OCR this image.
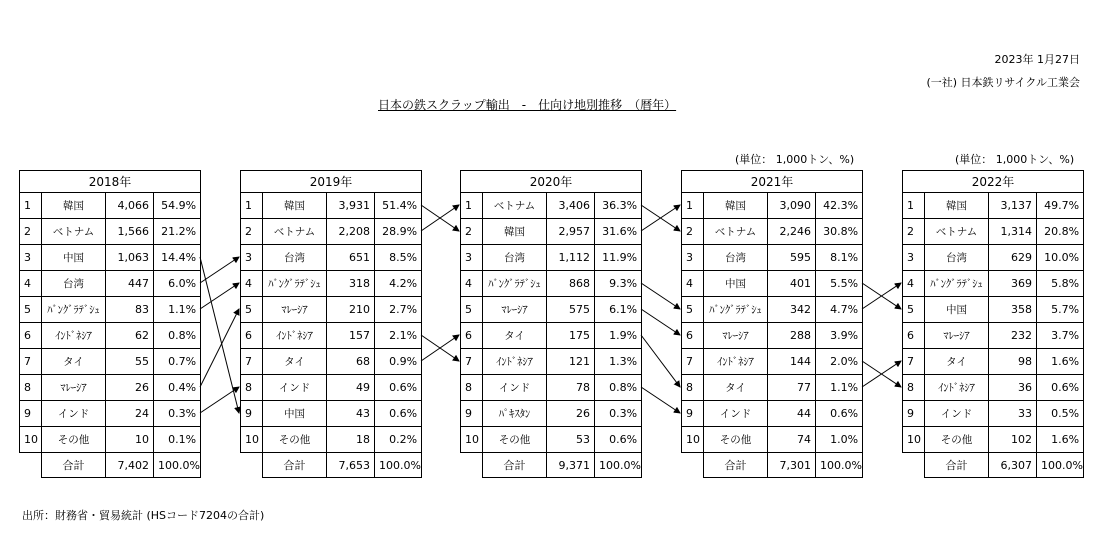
2023年 1月27日
(一社) 日本鉄リサイクル工業会
日本の鉄スクラップ輸出　-　仕向け地別推移　（暦年）
(単位： 1,000トン、%)	(単位： 1,000トン、%)
2018年			
1	韓国	4,066	54.9%
2	ベトナム	1,566	21.2%
3	中国	1,063	14.4%
4	台湾	447	6.0%
5	ﾊﾞﾝｸﾞﾗﾃﾞｼｭ	83	1.1%
6	ｲﾝﾄﾞﾈｼｱ	62	0.8%
7	タイ	55	0.7%
8	ﾏﾚｰｼｱ	26	0.4%
9	インド	24	0.3%
10	その他	10	0.1%
	合計	7,402	100.0%
2019年			
1	韓国	3,931	51.4%
2	ベトナム	2,208	28.9%
3	台湾	651	8.5%
4	ﾊﾞﾝｸﾞﾗﾃﾞｼｭ	318	4.2%
5	ﾏﾚｰｼｱ	210	2.7%
6	ｲﾝﾄﾞﾈｼｱ	157	2.1%
7	タイ	68	0.9%
8	インド	49	0.6%
9	中国	43	0.6%
10	その他	18	0.2%
	合計	7,653	100.0%
2020年			
1	ベトナム	3,406	36.3%
2	韓国	2,957	31.6%
3	台湾	1,112	11.9%
4	ﾊﾞﾝｸﾞﾗﾃﾞｼｭ	868	9.3%
5	ﾏﾚｰｼｱ	575	6.1%
6	タイ	175	1.9%
7	ｲﾝﾄﾞﾈｼｱ	121	1.3%
8	インド	78	0.8%
9	ﾊﾟｷｽﾀﾝ	26	0.3%
10	その他	53	0.6%
	合計	9,371	100.0%
2021年			
1	韓国	3,090	42.3%
2	ベトナム	2,246	30.8%
3	台湾	595	8.1%
4	中国	401	5.5%
5	ﾊﾞﾝｸﾞﾗﾃﾞｼｭ	342	4.7%
6	ﾏﾚｰｼｱ	288	3.9%
7	ｲﾝﾄﾞﾈｼｱ	144	2.0%
8	タイ	77	1.1%
9	インド	44	0.6%
10	その他	74	1.0%
	合計	7,301	100.0%
2022年			
1	韓国	3,137	49.7%
2	ベトナム	1,314	20.8%
3	台湾	629	10.0%
4	ﾊﾞﾝｸﾞﾗﾃﾞｼｭ	369	5.8%
5	中国	358	5.7%
6	ﾏﾚｰｼｱ	232	3.7%
7	タイ	98	1.6%
8	ｲﾝﾄﾞﾈｼｱ	36	0.6%
9	インド	33	0.5%
10	その他	102	1.6%
	合計	6,307	100.0%
出所：財務省・貿易統計 (HSコード7204の合計)
